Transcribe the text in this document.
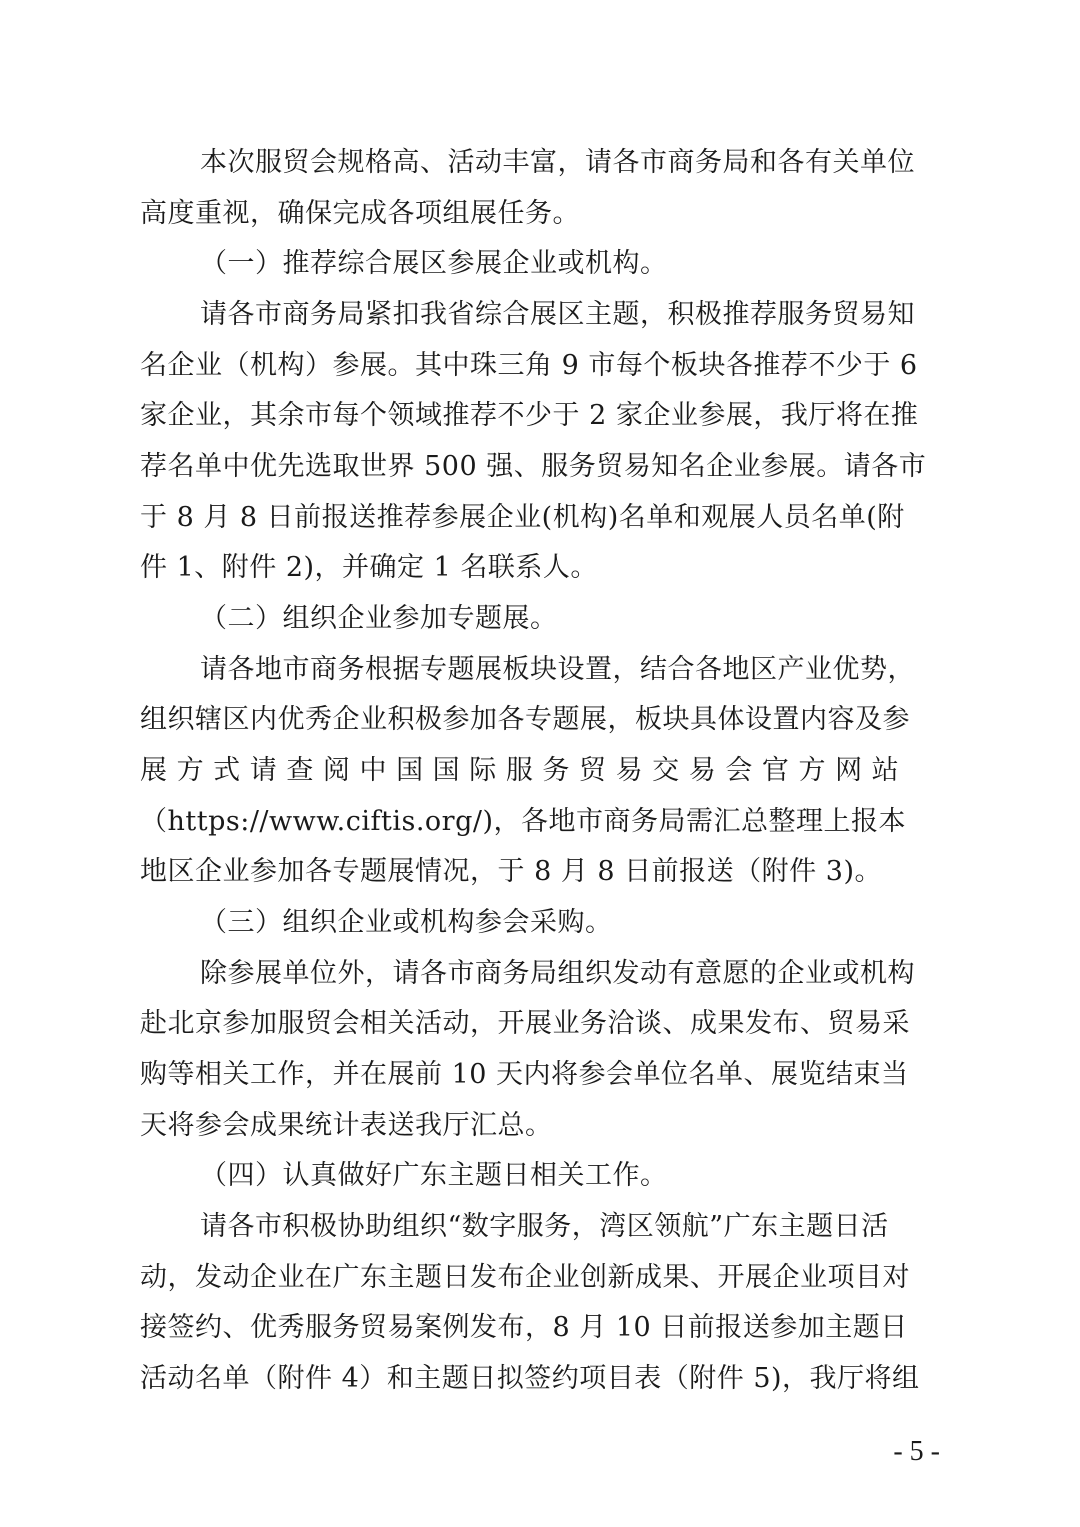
本次服贸会规格高、活动丰富，请各市商务局和各有关单位
高度重视，确保完成各项组展任务。
（一）推荐综合展区参展企业或机构。
请各市商务局紧扣我省综合展区主题，积极推荐服务贸易知
名企业（机构）参展。其中珠三角 9 市每个板块各推荐不少于 6
家企业，其余市每个领域推荐不少于 2 家企业参展，我厅将在推
荐名单中优先选取世界 500 强、服务贸易知名企业参展。请各市
于 8 月 8 日前报送推荐参展企业(机构)名单和观展人员名单(附
件 1、附件 2)，并确定 1 名联系人。
（二）组织企业参加专题展。
请各地市商务根据专题展板块设置，结合各地区产业优势，
组织辖区内优秀企业积极参加各专题展，板块具体设置内容及参
展 方 式 请 查 阅 中 国 国 际 服 务 贸 易 交 易 会 官 方 网 站
（https://www.ciftis.org/)，各地市商务局需汇总整理上报本
地区企业参加各专题展情况，于 8 月 8 日前报送（附件 3)。
（三）组织企业或机构参会采购。
除参展单位外，请各市商务局组织发动有意愿的企业或机构
赴北京参加服贸会相关活动，开展业务洽谈、成果发布、贸易采
购等相关工作，并在展前 10 天内将参会单位名单、展览结束当
天将参会成果统计表送我厅汇总。
（四）认真做好广东主题日相关工作。
请各市积极协助组织“数字服务，湾区领航”广东主题日活
动，发动企业在广东主题日发布企业创新成果、开展企业项目对
接签约、优秀服务贸易案例发布，8 月 10 日前报送参加主题日
活动名单（附件 4）和主题日拟签约项目表（附件 5)，我厅将组
- 5 -
